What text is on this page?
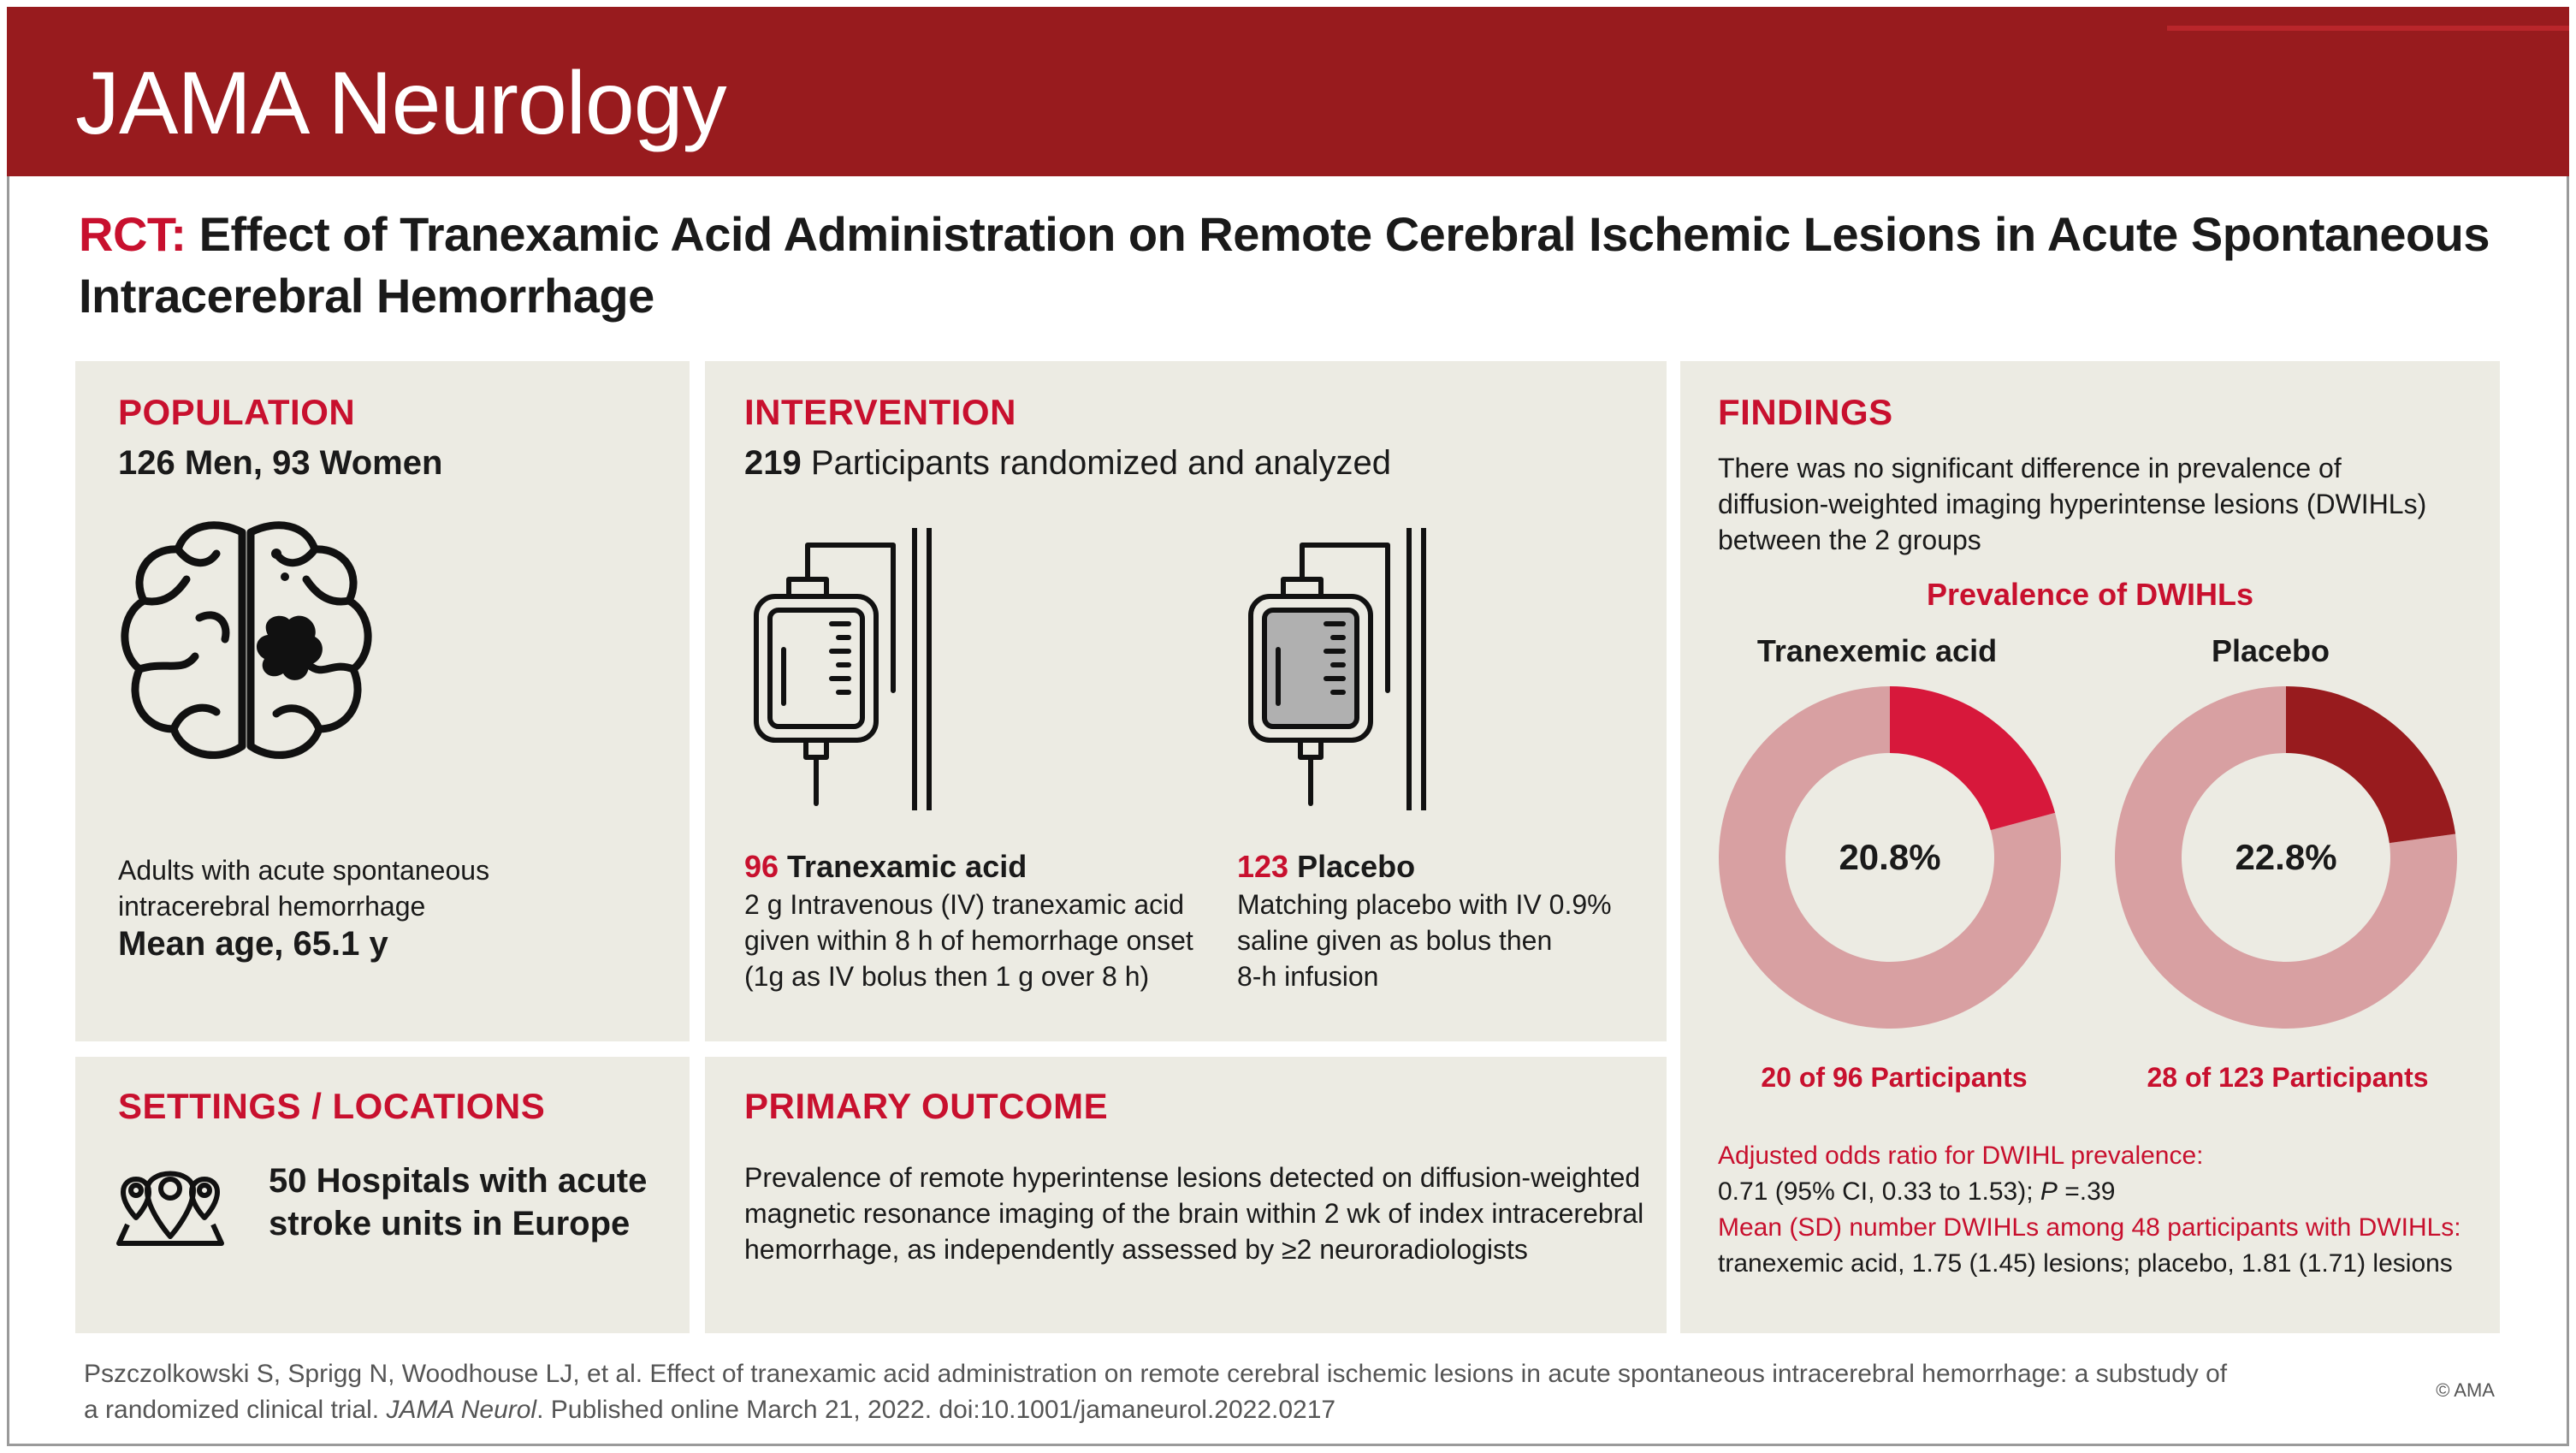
JAMA Neurology
RCT: Effect of Tranexamic Acid Administration on Remote Cerebral Ischemic Lesions in Acute Spontaneous Intracerebral Hemorrhage
POPULATION
126 Men, 93 Women
Adults with acute spontaneous
intracerebral hemorrhage
Mean age, 65.1 y
INTERVENTION
219 Participants randomized and analyzed
96 Tranexamic acid
2 g Intravenous (IV) tranexamic acid
given within 8 h of hemorrhage onset
(1g as IV bolus then 1 g over 8 h)
123 Placebo
Matching placebo with IV 0.9%
saline given as bolus then
8-h infusion
SETTINGS / LOCATIONS
50 Hospitals with acute
stroke units in Europe
PRIMARY OUTCOME
Prevalence of remote hyperintense lesions detected on diffusion-weighted
magnetic resonance imaging of the brain within 2 wk of index intracerebral
hemorrhage, as independently assessed by ≥2 neuroradiologists
FINDINGS
There was no significant difference in prevalence of
diffusion-weighted imaging hyperintense lesions (DWIHLs)
between the 2 groups
Prevalence of DWIHLs
Tranexemic acid	Placebo
20.8%	22.8%
20 of 96 Participants	28 of 123 Participants
Adjusted odds ratio for DWIHL prevalence:
0.71 (95% CI, 0.33 to 1.53); P =.39
Mean (SD) number DWIHLs among 48 participants with DWIHLs:
tranexemic acid, 1.75 (1.45) lesions; placebo, 1.81 (1.71) lesions
Pszczolkowski S, Sprigg N, Woodhouse LJ, et al. Effect of tranexamic acid administration on remote cerebral ischemic lesions in acute spontaneous intracerebral hemorrhage: a substudy of
a randomized clinical trial. JAMA Neurol. Published online March 21, 2022. doi:10.1001/jamaneurol.2022.0217
© AMA
